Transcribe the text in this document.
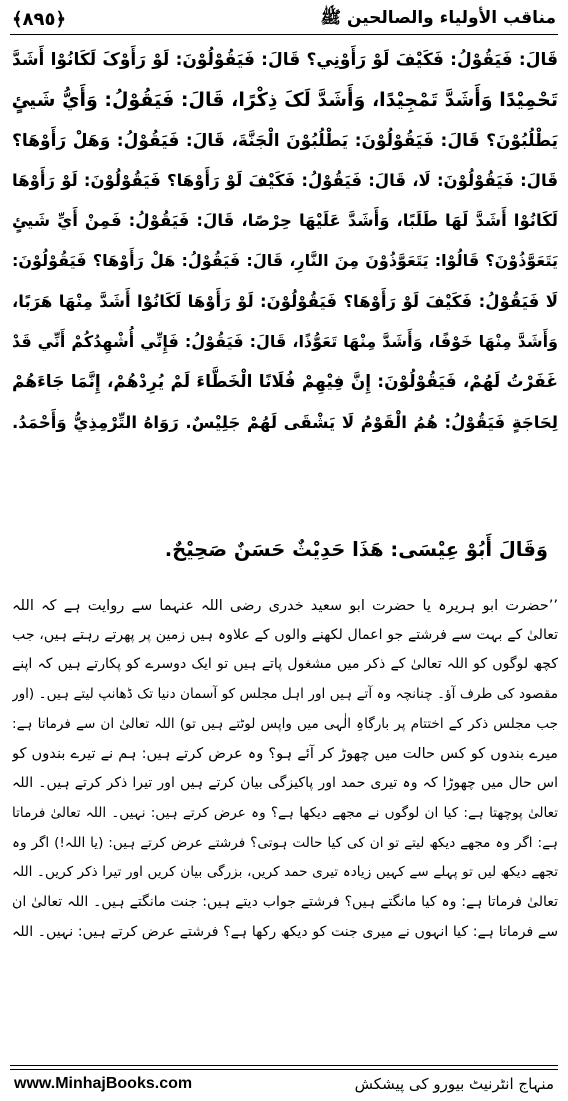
﴿٨٩٥﴾	مناقب الأولياء والصالحين ﷺ
قَالَ: فَيَقُوْلُ: فَكَيْفَ لَوْ رَأَوْنِي؟ قَالَ: فَيَقُوْلُوْنَ: لَوْ رَأَوْکَ لَکَانُوْا أَشَدَّ
تَحْمِيْدًا وَأَشَدَّ تَمْجِيْدًا، وَأَشَدَّ لَکَ ذِکْرًا، قَالَ: فَيَقُوْلُ: وَأَيُّ شَيئٍ
يَطْلُبُوْنَ؟ قَالَ: فَيَقُوْلُوْنَ: يَطْلُبُوْنَ الْجَنَّةَ، قَالَ: فَيَقُوْلُ: وَهَلْ رَأَوْهَا؟
قَالَ: فَيَقُوْلُوْنَ: لَا، قَالَ: فَيَقُوْلُ: فَکَيْفَ لَوْ رَأَوْهَا؟ فَيَقُوْلُوْنَ: لَوْ رَأَوْهَا
لَکَانُوْا أَشَدَّ لَهَا طَلَبًا، وَأَشَدَّ عَلَيْهَا حِرْصًا، قَالَ: فَيَقُوْلُ: فَمِنْ أَيِّ شَيئٍ
يَتَعَوَّذُوْنَ؟ قَالُوْا: يَتَعَوَّذُوْنَ مِنَ النَّارِ، قَالَ: فَيَقُوْلُ: هَلْ رَأَوْهَا؟ فَيَقُوْلُوْنَ:
لَا فَيَقُوْلُ: فَکَيْفَ لَوْ رَأَوْهَا؟ فَيَقُوْلُوْنَ: لَوْ رَأَوْهَا لَکَانُوْا أَشَدَّ مِنْهَا هَرَبًا،
وَأَشَدَّ مِنْهَا خَوْفًا، وَأَشَدَّ مِنْهَا تَعَوُّذًا، قَالَ: فَيَقُوْلُ: فَإِنِّي أُشْهِدُکُمْ أَنِّي قَدْ
غَفَرْتُ لَهُمْ، فَيَقُوْلُوْنَ: إِنَّ فِيْهِمْ فُلَانًا الْخَطَّاءَ لَمْ يُرِدْهُمْ، إِنَّمَا جَاءَهُمْ
لِحَاجَةٍ فَيَقُوْلُ: هُمُ الْقَوْمُ لَا يَشْقَی لَهُمْ جَلِيْسٌ. رَوَاهُ التِّرْمِذِيُّ وَأَحْمَدُ.
وَقَالَ أَبُوْ عِيْسَی: هَذَا حَدِيْثٌ حَسَنٌ صَحِيْحٌ.
’’حضرت ابو ہریرہ یا حضرت ابو سعید خدری رضی اللہ عنہما سے روایت ہے کہ اللہ
تعالیٰ کے بہت سے فرشتے جو اعمال لکھنے والوں کے علاوہ ہیں زمین پر پھرتے رہتے ہیں، جب
کچھ لوگوں کو اللہ تعالیٰ کے ذکر میں مشغول پاتے ہیں تو ایک دوسرے کو پکارتے ہیں کہ اپنے
مقصود کی طرف آؤ۔ چنانچہ وہ آتے ہیں اور اہل مجلس کو آسمان دنیا تک ڈھانپ لیتے ہیں۔ (اور
جب مجلس ذکر کے اختتام پر بارگاہِ الٰہی میں واپس لوٹتے ہیں تو) اللہ تعالیٰ ان سے فرماتا ہے:
میرے بندوں کو کس حالت میں چھوڑ کر آئے ہو؟ وہ عرض کرتے ہیں: ہم نے تیرے بندوں کو
اس حال میں چھوڑا کہ وہ تیری حمد اور پاکیزگی بیان کرتے ہیں اور تیرا ذکر کرتے ہیں۔ اللہ
تعالیٰ پوچھتا ہے: کیا ان لوگوں نے مجھے دیکھا ہے؟ وہ عرض کرتے ہیں: نہیں۔ اللہ تعالیٰ فرماتا
ہے: اگر وہ مجھے دیکھ لیتے تو ان کی کیا حالت ہوتی؟ فرشتے عرض کرتے ہیں: (یا اللہ!) اگر وہ
تجھے دیکھ لیں تو پہلے سے کہیں زیادہ تیری حمد کریں، بزرگی بیان کریں اور تیرا ذکر کریں۔ اللہ
تعالیٰ فرماتا ہے: وہ کیا مانگتے ہیں؟ فرشتے جواب دیتے ہیں: جنت مانگتے ہیں۔ اللہ تعالیٰ ان
سے فرماتا ہے: کیا انہوں نے میری جنت کو دیکھ رکھا ہے؟ فرشتے عرض کرتے ہیں: نہیں۔ اللہ
www.MinhajBooks.com	منہاج انٹرنیٹ بیورو کی پیشکش
